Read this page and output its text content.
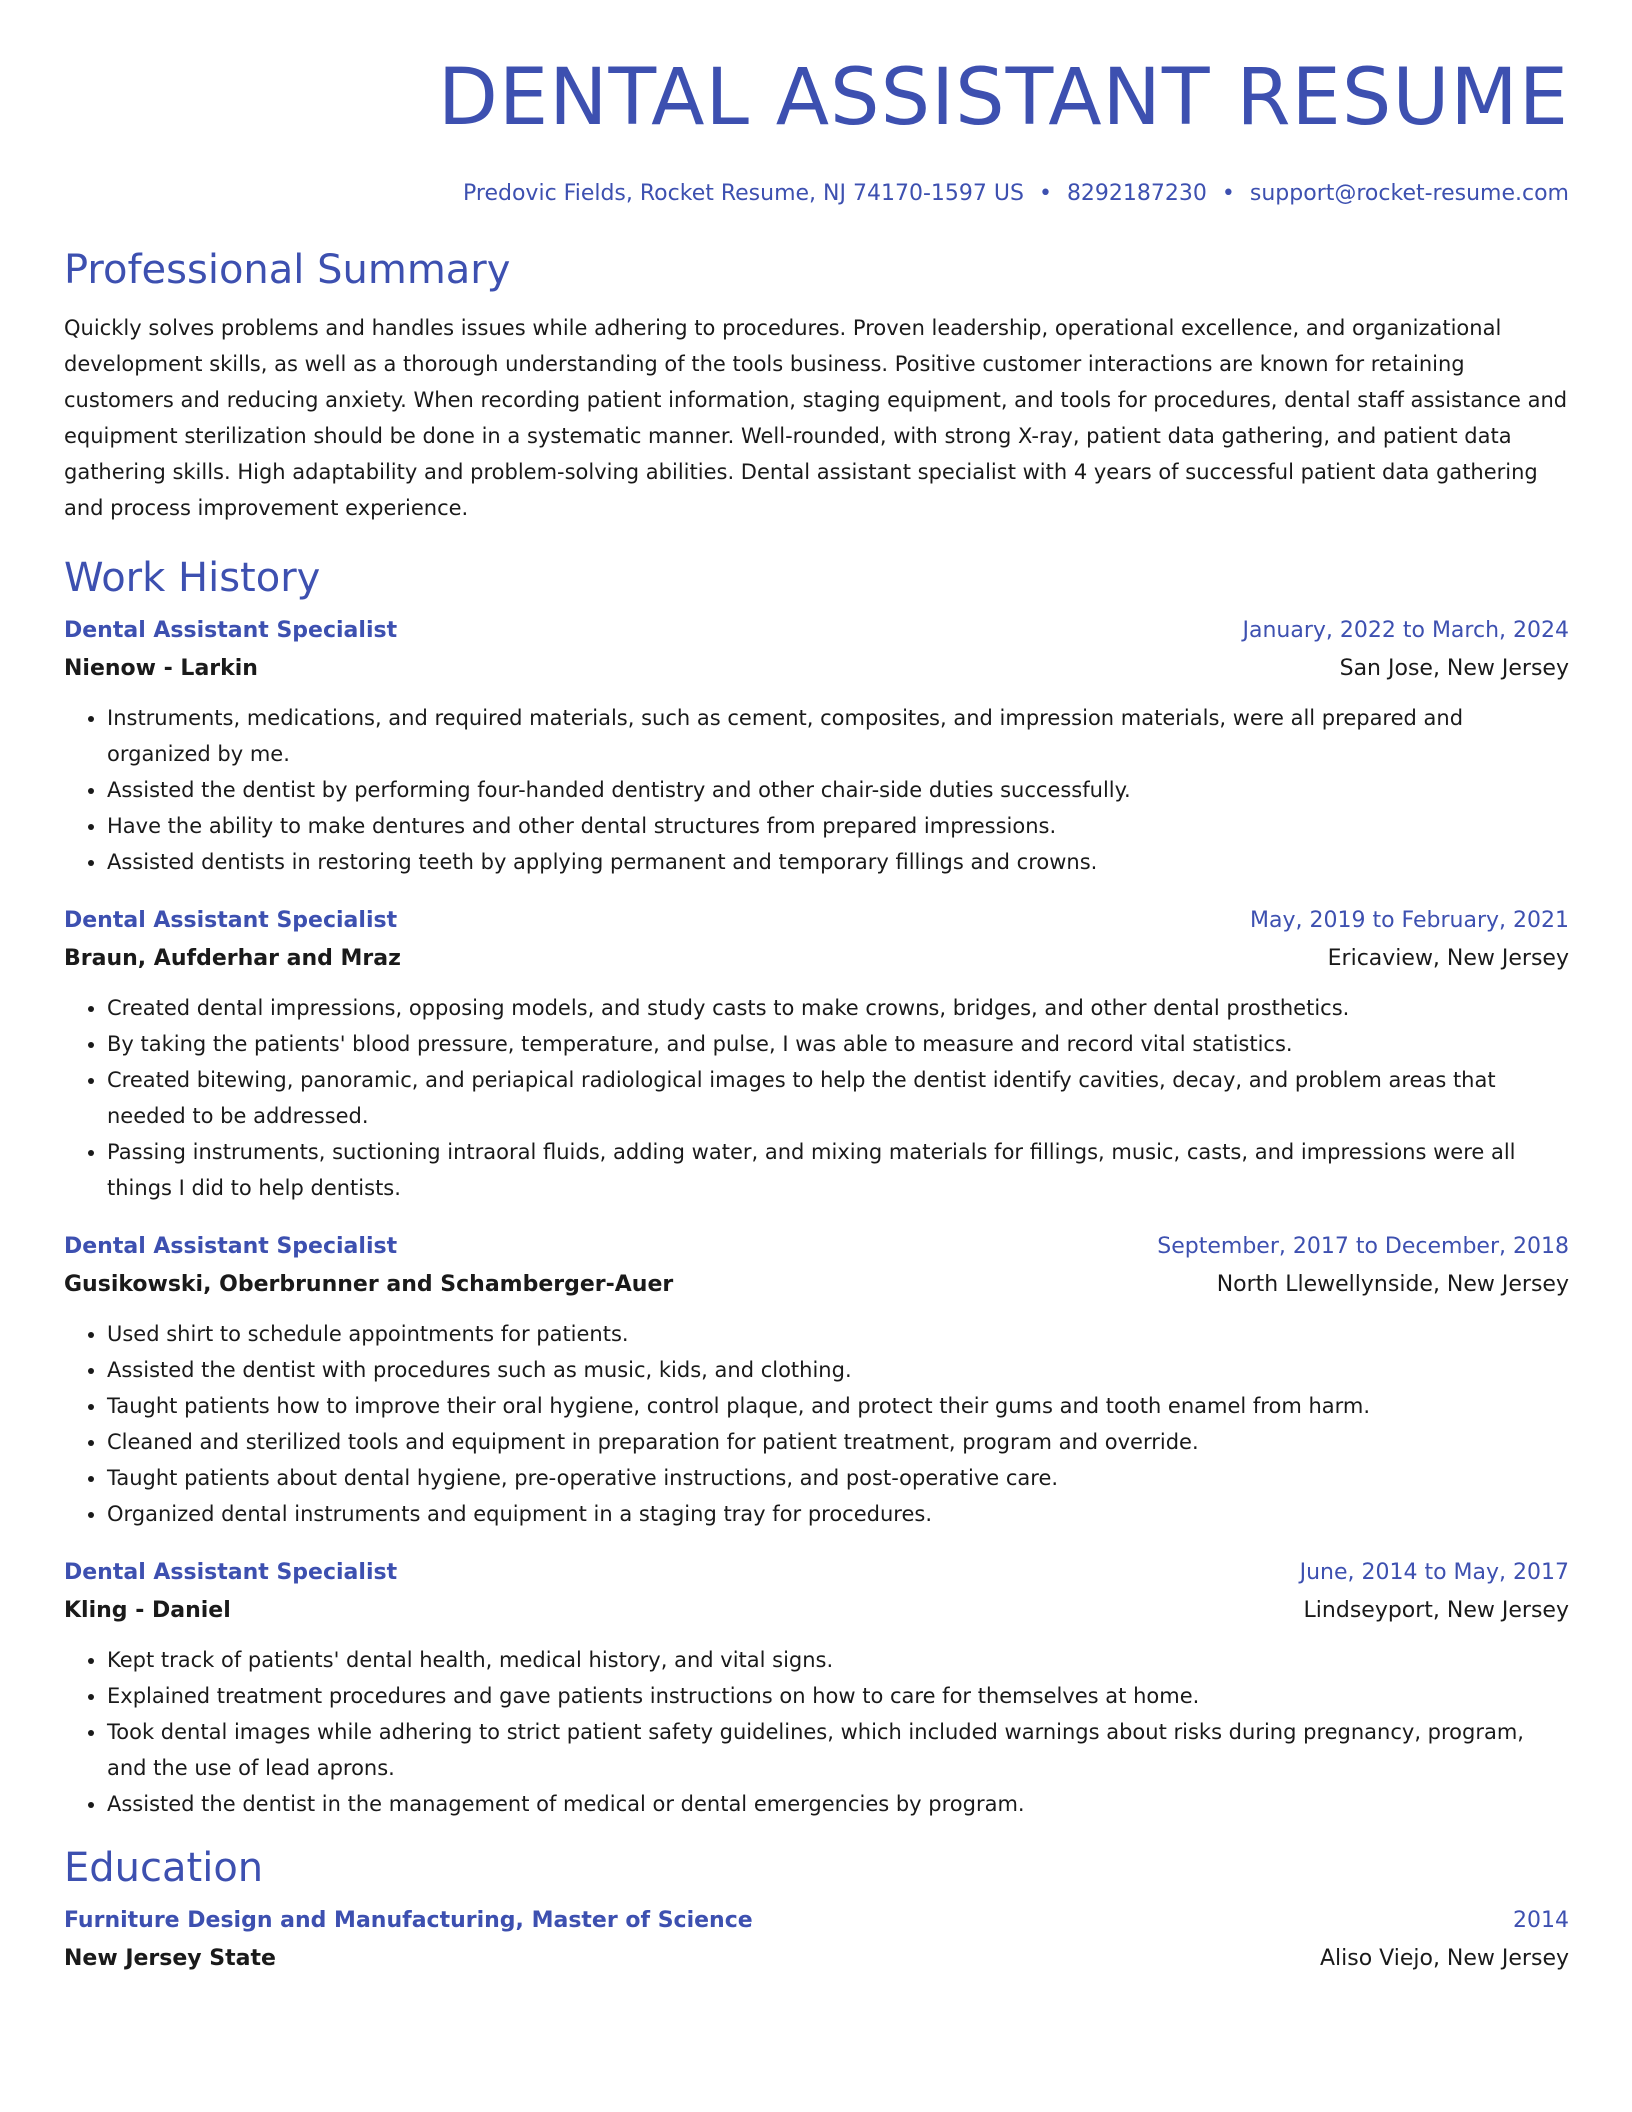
DENTAL ASSISTANT RESUME
Predovic Fields, Rocket Resume, NJ 74170-1597 US • 8292187230 • support@rocket-resume.com
Professional Summary

Quickly solves problems and handles issues while adhering to procedures. Proven leadership, operational excellence, and organizational development skills, as well as a thorough understanding of the tools business. Positive customer interactions are known for retaining customers and reducing anxiety. When recording patient information, staging equipment, and tools for procedures, dental staff assistance and equipment sterilization should be done in a systematic manner. Well-rounded, with strong X-ray, patient data gathering, and patient data gathering skills. High adaptability and problem-solving abilities. Dental assistant specialist with 4 years of successful patient data gathering and process improvement experience.

Work History
Dental Assistant Specialist	January, 2022 to March, 2024
Nienow - Larkin	San Jose, New Jersey
• Instruments, medications, and required materials, such as cement, composites, and impression materials, were all prepared and organized by me.
• Assisted the dentist by performing four-handed dentistry and other chair-side duties successfully.
• Have the ability to make dentures and other dental structures from prepared impressions.
• Assisted dentists in restoring teeth by applying permanent and temporary fillings and crowns.
Dental Assistant Specialist	May, 2019 to February, 2021
Braun, Aufderhar and Mraz	Ericaview, New Jersey
• Created dental impressions, opposing models, and study casts to make crowns, bridges, and other dental prosthetics.
• By taking the patients' blood pressure, temperature, and pulse, I was able to measure and record vital statistics.
• Created bitewing, panoramic, and periapical radiological images to help the dentist identify cavities, decay, and problem areas that needed to be addressed.
• Passing instruments, suctioning intraoral fluids, adding water, and mixing materials for fillings, music, casts, and impressions were all things I did to help dentists.
Dental Assistant Specialist	September, 2017 to December, 2018
Gusikowski, Oberbrunner and Schamberger-Auer	North Llewellynside, New Jersey
• Used shirt to schedule appointments for patients.
• Assisted the dentist with procedures such as music, kids, and clothing.
• Taught patients how to improve their oral hygiene, control plaque, and protect their gums and tooth enamel from harm.
• Cleaned and sterilized tools and equipment in preparation for patient treatment, program and override.
• Taught patients about dental hygiene, pre-operative instructions, and post-operative care.
• Organized dental instruments and equipment in a staging tray for procedures.
Dental Assistant Specialist	June, 2014 to May, 2017
Kling - Daniel	Lindseyport, New Jersey
• Kept track of patients' dental health, medical history, and vital signs.
• Explained treatment procedures and gave patients instructions on how to care for themselves at home.
• Took dental images while adhering to strict patient safety guidelines, which included warnings about risks during pregnancy, program, and the use of lead aprons.
• Assisted the dentist in the management of medical or dental emergencies by program.
Education
Furniture Design and Manufacturing, Master of Science	2014
New Jersey State	Aliso Viejo, New Jersey
